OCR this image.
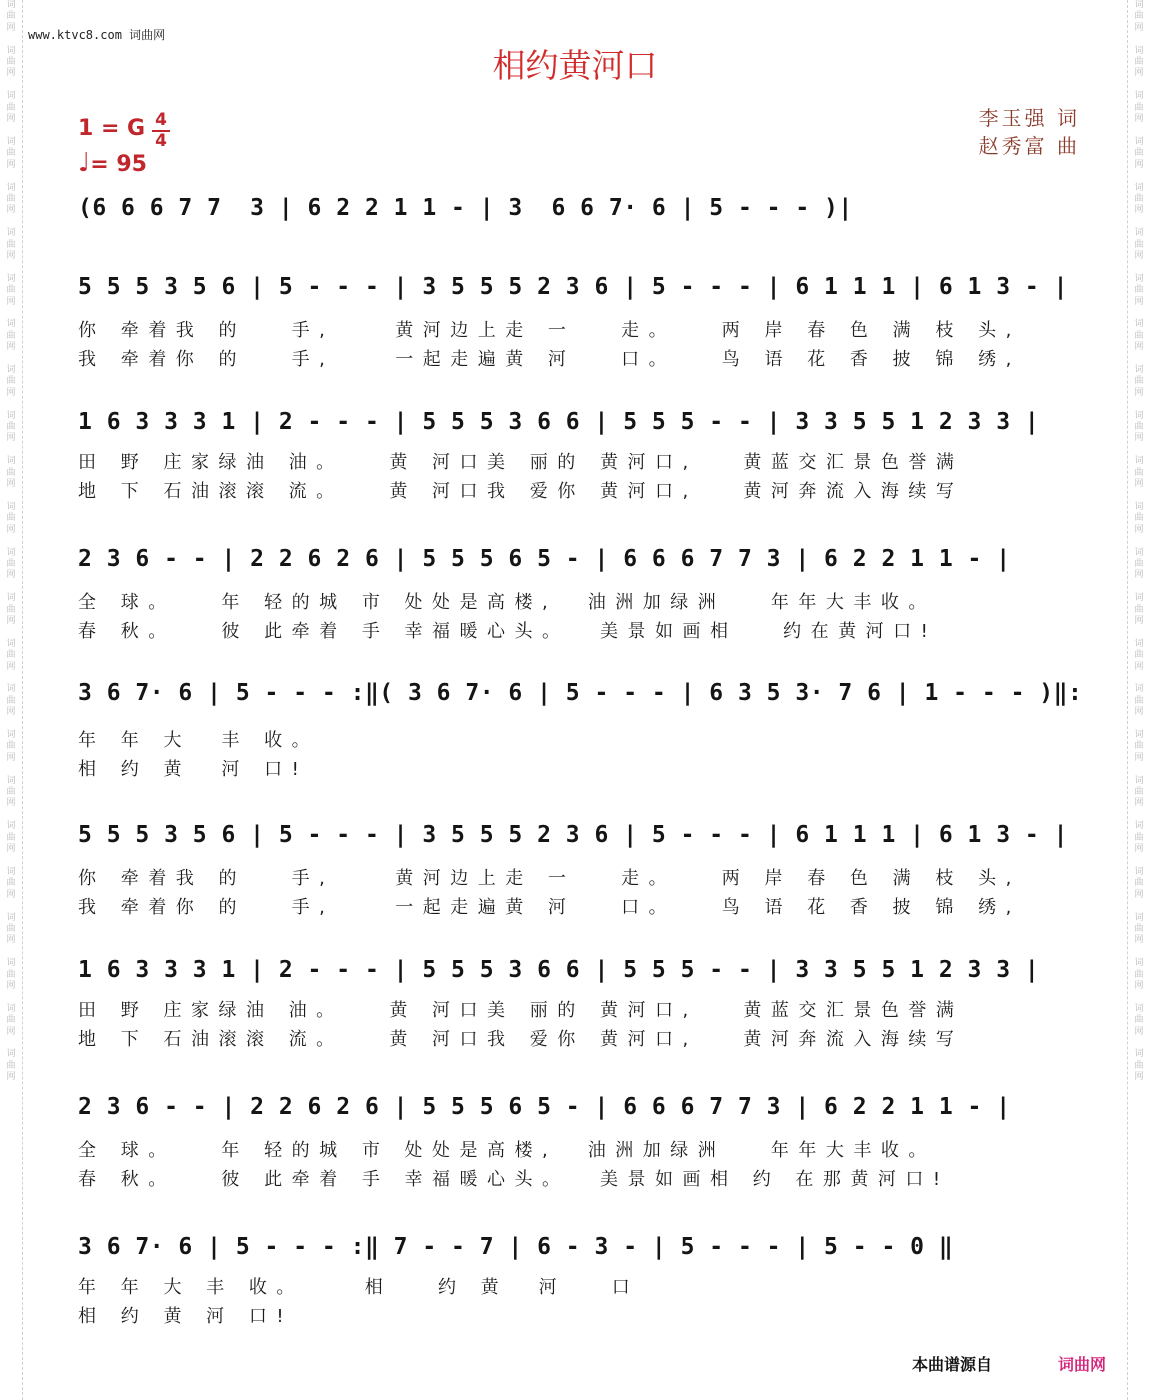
词
曲
网

词
曲
网

词
曲
网

词
曲
网

词
曲
网

词
曲
网

词
曲
网

词
曲
网

词
曲
网

词
曲
网

词
曲
网

词
曲
网

词
曲
网

词
曲
网

词
曲
网

词
曲
网

词
曲
网

词
曲
网

词
曲
网

词
曲
网

词
曲
网

词
曲
网

词
曲
网

词
曲
网

词
曲
网

词
曲
网

词
曲
网

词
曲
网

词
曲
网

词
曲
网

词
曲
网

词
曲
网

词
曲
网

词
曲
网

词
曲
网

词
曲
网

词
曲
网

词
曲
网

词
曲
网

词
曲
网

词
曲
网

词
曲
网

词
曲
网

词
曲
网

词
曲
网

词
曲
网

词
曲
网

词
曲
网

www.ktvc8.com 词曲网
相约黄河口
李玉强 词
赵秀富 曲
1 = G 4
4
♩= 95
(6 6 6 7 7  3 | 6 2 2 1 1 - | 3  6 6 7· 6 | 5 - - - )|
5 5 5 3 5 6 | 5 - - - | 3 5 5 5 2 3 6 | 5 - - - | 6 1 1 1 | 6 1 3 - |
你 牵着我 的   手,    黄河边上走 一   走。   两 岸 春 色 满 枝 头,
我 牵着你 的   手,    一起走遍黄 河   口。   鸟 语 花 香 披 锦 绣,
1 6 3 3 3 1 | 2 - - - | 5 5 5 3 6 6 | 5 5 5 - - | 3 3 5 5 1 2 3 3 |
田 野 庄家绿油 油。   黄 河口美 丽的 黄河口,   黄蓝交汇景色誉满
地 下 石油滚滚 流。   黄 河口我 爱你 黄河口,   黄河奔流入海续写
2 3 6 - - | 2 2 6 2 6 | 5 5 5 6 5 - | 6 6 6 7 7 3 | 6 2 2 1 1 - |
全 球。   年 轻的城 市 处处是高楼,  油洲加绿洲   年年大丰收。
春 秋。   彼 此牵着 手 幸福暖心头。  美景如画相   约在黄河口!
3 6 7· 6 | 5 - - - :‖( 3 6 7· 6 | 5 - - - | 6 3 5 3· 7 6 | 1 - - - )‖:
年 年 大  丰 收。
相 约 黄  河 口!
5 5 5 3 5 6 | 5 - - - | 3 5 5 5 2 3 6 | 5 - - - | 6 1 1 1 | 6 1 3 - |
你 牵着我 的   手,    黄河边上走 一   走。   两 岸 春 色 满 枝 头,
我 牵着你 的   手,    一起走遍黄 河   口。   鸟 语 花 香 披 锦 绣,
1 6 3 3 3 1 | 2 - - - | 5 5 5 3 6 6 | 5 5 5 - - | 3 3 5 5 1 2 3 3 |
田 野 庄家绿油 油。   黄 河口美 丽的 黄河口,   黄蓝交汇景色誉满
地 下 石油滚滚 流。   黄 河口我 爱你 黄河口,   黄河奔流入海续写
2 3 6 - - | 2 2 6 2 6 | 5 5 5 6 5 - | 6 6 6 7 7 3 | 6 2 2 1 1 - |
全 球。   年 轻的城 市 处处是高楼,  油洲加绿洲   年年大丰收。
春 秋。   彼 此牵着 手 幸福暖心头。  美景如画相 约 在那黄河口!
3 6 7· 6 | 5 - - - :‖ 7 - - 7 | 6 - 3 - | 5 - - - | 5 - - 0 ‖
年 年 大 丰 收。    相   约 黄  河   口
相 约 黄 河 口!
本曲谱源自	词曲网
